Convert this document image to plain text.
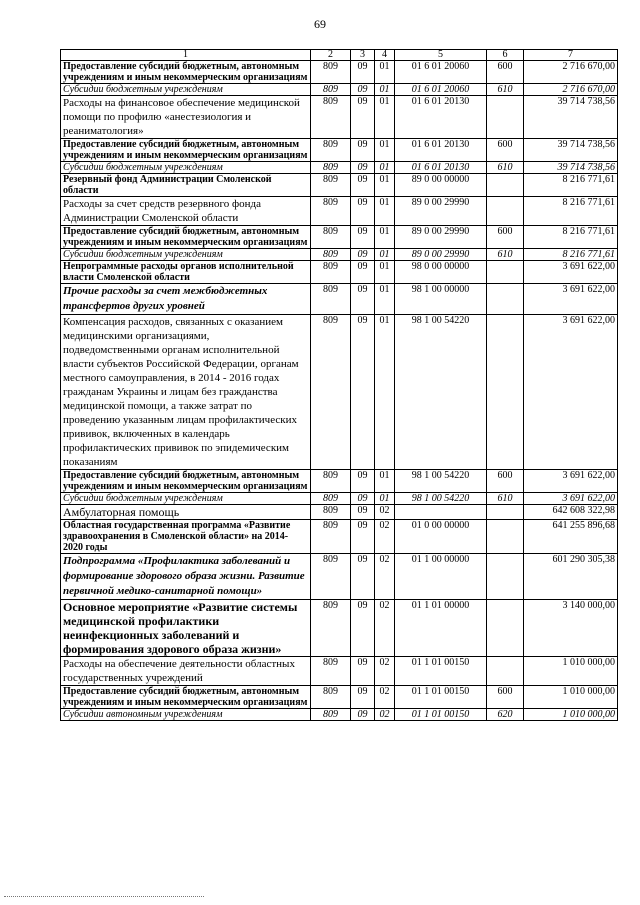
69
1	2	3	4	5	6	7
Предоставление субсидий бюджетным, автономным учреждениям и иным некоммерческим организациям	809	09	01	01 6 01 20060	600	2 716 670,00
Субсидии бюджетным учреждениям	809	09	01	01 6 01 20060	610	2 716 670,00
Расходы на финансовое обеспечение медицинской помощи по профилю «анестезиология и реаниматология»	809	09	01	01 6 01 20130		39 714 738,56
Предоставление субсидий бюджетным, автономным учреждениям и иным некоммерческим организациям	809	09	01	01 6 01 20130	600	39 714 738,56
Субсидии бюджетным учреждениям	809	09	01	01 6 01 20130	610	39 714 738,56
Резервный фонд Администрации Смоленской области	809	09	01	89 0 00 00000		8 216 771,61
Расходы за счет средств резервного фонда Администрации Смоленской области	809	09	01	89 0 00 29990		8 216 771,61
Предоставление субсидий бюджетным, автономным учреждениям и иным некоммерческим организациям	809	09	01	89 0 00 29990	600	8 216 771,61
Субсидии бюджетным учреждениям	809	09	01	89 0 00 29990	610	8 216 771,61
Непрограммные расходы органов исполнительной власти Смоленской области	809	09	01	98 0 00 00000		3 691 622,00
Прочие расходы за счет межбюджетных трансфертов других уровней	809	09	01	98 1 00 00000		3 691 622,00
Компенсация расходов, связанных с оказанием медицинскими организациями, подведомственными органам исполнительной власти субъектов Российской Федерации, органам местного самоуправления, в 2014 - 2016 годах гражданам Украины и лицам без гражданства медицинской помощи, а также затрат по проведению указанным лицам профилактических прививок, включенных в календарь профилактических прививок по эпидемическим показаниям	809	09	01	98 1 00 54220		3 691 622,00
Предоставление субсидий бюджетным, автономным учреждениям и иным некоммерческим организациям	809	09	01	98 1 00 54220	600	3 691 622,00
Субсидии бюджетным учреждениям	809	09	01	98 1 00 54220	610	3 691 622,00
Амбулаторная помощь	809	09	02			642 608 322,98
Областная государственная программа «Развитие здравоохранения в Смоленской области» на 2014-2020 годы	809	09	02	01 0 00 00000		641 255 896,68
Подпрограмма «Профилактика заболеваний и формирование здорового образа жизни. Развитие первичной медико-санитарной помощи»	809	09	02	01 1 00 00000		601 290 305,38
Основное мероприятие «Развитие системы медицинской профилактики неинфекционных заболеваний и формирования здорового образа жизни»	809	09	02	01 1 01 00000		3 140 000,00
Расходы на обеспечение деятельности областных государственных учреждений	809	09	02	01 1 01 00150		1 010 000,00
Предоставление субсидий бюджетным, автономным учреждениям и иным некоммерческим организациям	809	09	02	01 1 01 00150	600	1 010 000,00
Субсидии автономным учреждениям	809	09	02	01 1 01 00150	620	1 010 000,00
